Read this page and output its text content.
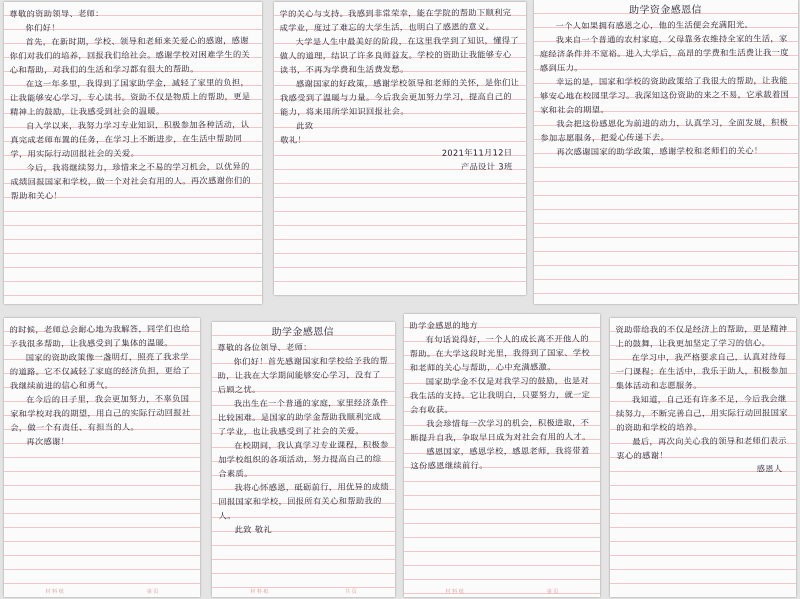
尊敬的资助领导、老师：

你们好！

首先，在新时期，学校、领导和老师来关爱心的感谢，感谢你们对我们的培养，回报我们给社会。感谢学校对困难学生的关心和帮助，对我们的生活和学习都有很大的帮助。

在这一年多里，我得到了国家助学金，减轻了家里的负担，让我能够安心学习，专心读书。资助不仅是物质上的帮助，更是精神上的鼓励，让我感受到社会的温暖。

自入学以来，我努力学习专业知识，积极参加各种活动，认真完成老师布置的任务，在学习上不断进步，在生活中帮助同学，用实际行动回报社会的关爱。

今后，我将继续努力，珍惜来之不易的学习机会，以优异的成绩回报国家和学校，做一个对社会有用的人。再次感谢你们的帮助和关心！

学的关心与支持。我感到非常荣幸，能在学院的帮助下顺利完成学业，度过了难忘的大学生活，也明白了感恩的意义。

大学是人生中最美好的阶段，在这里我学到了知识，懂得了做人的道理，结识了许多良师益友。学校的资助让我能够专心读书，不再为学费和生活费发愁。

感谢国家的好政策，感谢学校领导和老师的关怀，是你们让我感受到了温暖与力量。今后我会更加努力学习，提高自己的能力，将来用所学知识回报社会。

此致

敬礼！

2021年11月12日

产品设计 3班

助学资金感恩信

一个人如果拥有感恩之心，他的生活便会充满阳光。

我来自一个普通的农村家庭，父母靠务农维持全家的生活，家庭经济条件并不宽裕。进入大学后，高昂的学费和生活费让我一度感到压力。

幸运的是，国家和学校的资助政策给了我很大的帮助，让我能够安心地在校园里学习。我深知这份资助的来之不易，它承载着国家和社会的期望。

我会把这份感恩化为前进的动力，认真学习，全面发展，积极参加志愿服务，把爱心传递下去。

再次感谢国家的助学政策，感谢学校和老师们的关心！

的时候，老师总会耐心地为我解答，同学们也给予我很多帮助，让我感受到了集体的温暖。

国家的资助政策像一盏明灯，照亮了我求学的道路。它不仅减轻了家庭的经济负担，更给了我继续前进的信心和勇气。

在今后的日子里，我会更加努力，不辜负国家和学校对我的期望，用自己的实际行动回报社会，做一个有责任、有担当的人。

再次感谢！

材 料 纸	第 页

助学金感恩信

尊敬的各位领导、老师：

你们好！首先感谢国家和学校给予我的帮助，让我在大学期间能够安心学习，没有了后顾之忧。

我出生在一个普通的家庭，家里经济条件比较困难。是国家的助学金帮助我顺利完成了学业，也让我感受到了社会的关爱。

在校期间，我认真学习专业课程，积极参加学校组织的各项活动，努力提高自己的综合素质。

我将心怀感恩，砥砺前行，用优异的成绩回报国家和学校，回报所有关心和帮助我的人。

此致 敬礼

材 料 纸	共 页

助学金感恩的地方

有句话说得好，一个人的成长离不开他人的帮助。在大学这段时光里，我得到了国家、学校和老师的关心与帮助，心中充满感激。

国家助学金不仅是对我学习的鼓励，也是对我生活的支持。它让我明白，只要努力，就一定会有收获。

我会珍惜每一次学习的机会，积极进取，不断提升自我，争取早日成为对社会有用的人才。

感恩国家，感恩学校，感恩老师，我将带着这份感恩继续前行。

材 料 纸	第 页

资助带给我的不仅是经济上的帮助，更是精神上的鼓舞，让我更加坚定了学习的信心。

在学习中，我严格要求自己，认真对待每一门课程；在生活中，我乐于助人，积极参加集体活动和志愿服务。

我知道，自己还有许多不足，今后我会继续努力，不断完善自己，用实际行动回报国家的资助和学校的培养。

最后，再次向关心我的领导和老师们表示衷心的感谢！

感恩人
